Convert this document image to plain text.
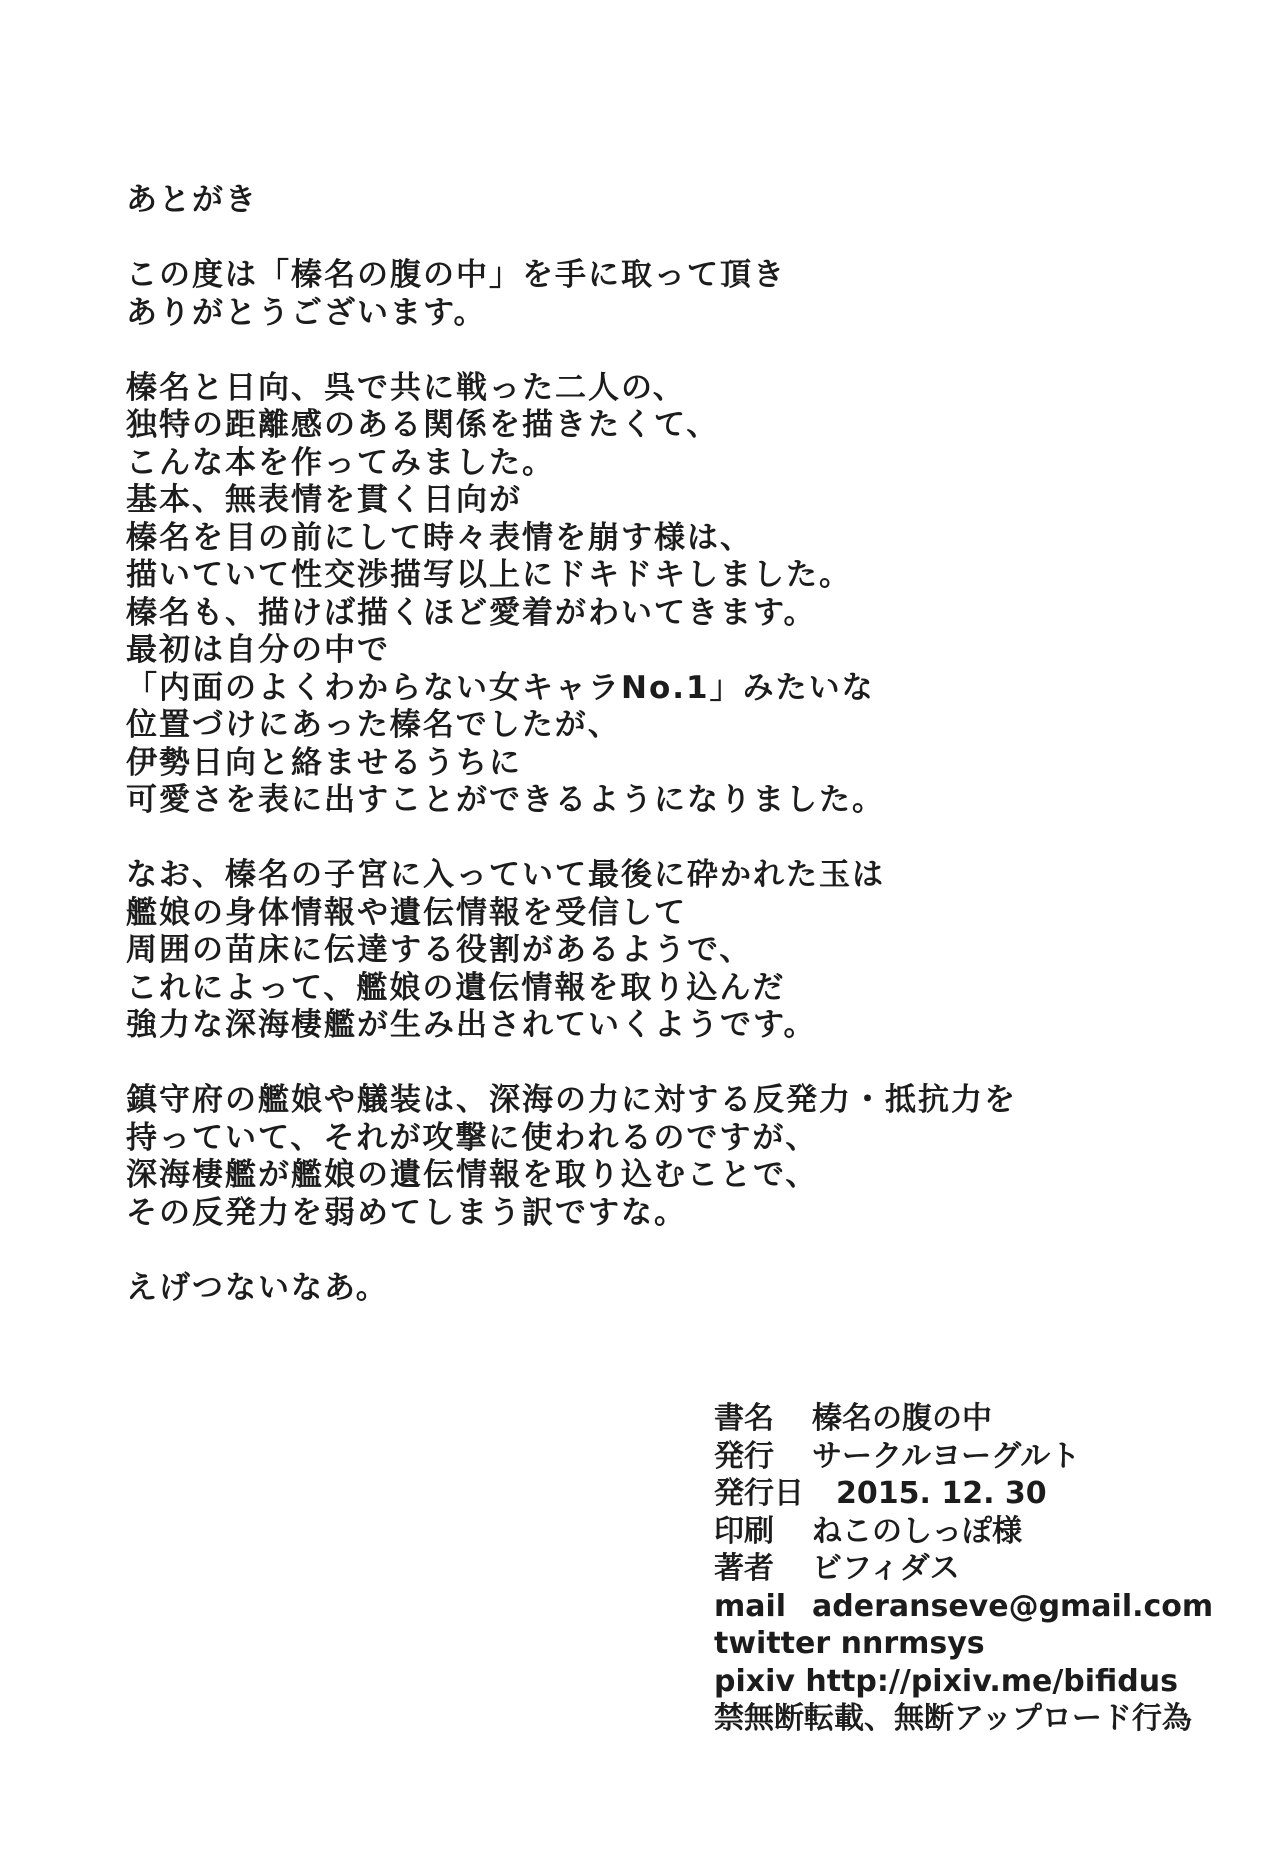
あとがき
この度は「榛名の腹の中」を手に取って頂き
ありがとうございます。
榛名と日向、呉で共に戦った二人の、
独特の距離感のある関係を描きたくて、
こんな本を作ってみました。
基本、無表情を貫く日向が
榛名を目の前にして時々表情を崩す様は、
描いていて性交渉描写以上にドキドキしました。
榛名も、描けば描くほど愛着がわいてきます。
最初は自分の中で
「内面のよくわからない女キャラNo.1」みたいな
位置づけにあった榛名でしたが、
伊勢日向と絡ませるうちに
可愛さを表に出すことができるようになりました。
なお、榛名の子宮に入っていて最後に砕かれた玉は
艦娘の身体情報や遺伝情報を受信して
周囲の苗床に伝達する役割があるようで、
これによって、艦娘の遺伝情報を取り込んだ
強力な深海棲艦が生み出されていくようです。
鎮守府の艦娘や艤装は、深海の力に対する反発力・抵抗力を
持っていて、それが攻撃に使われるのですが、
深海棲艦が艦娘の遺伝情報を取り込むことで、
その反発力を弱めてしまう訳ですな。
えげつないなあ。
書名	榛名の腹の中
発行	サークルヨーグルト
発行日	2015. 12. 30
印刷	ねこのしっぽ様
著者	ビフィダス
mail aderanseve@gmail.com
twitter nnrmsys
pixiv http://pixiv.me/bifidus
禁無断転載、無断アップロード行為
